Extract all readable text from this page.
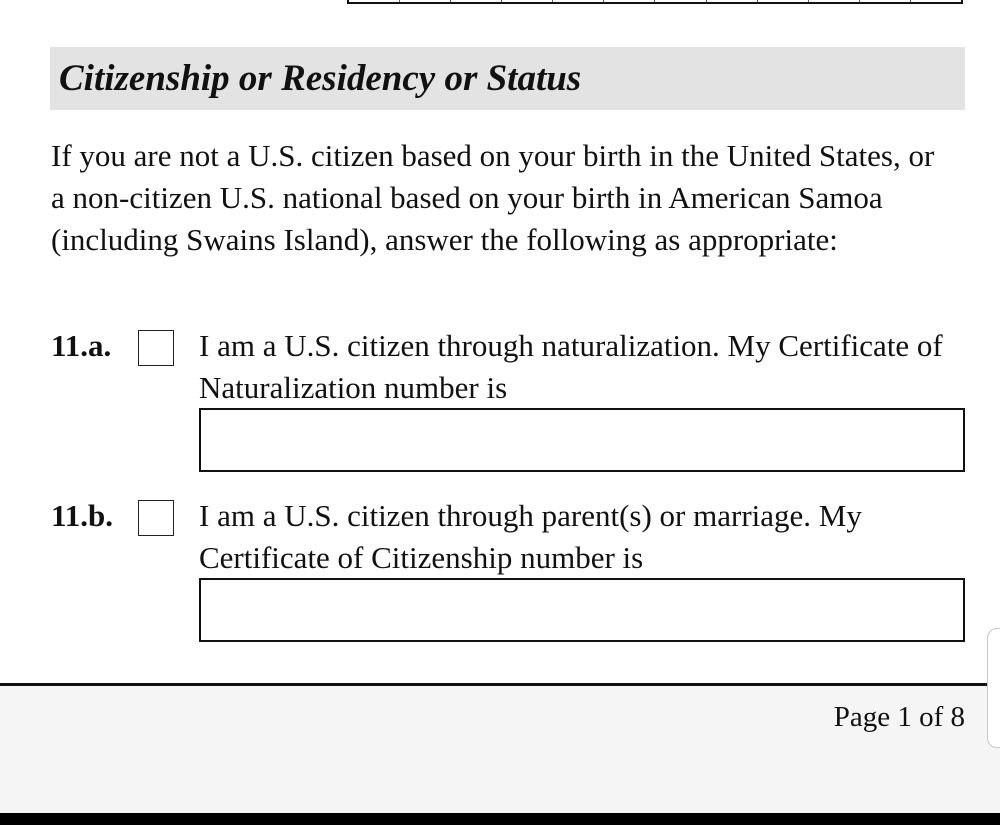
Citizenship or Residency or Status
If you are not a U.S. citizen based on your birth in the United States, or a non-citizen U.S. national based on your birth in American Samoa (including Swains Island), answer the following as appropriate:
11.a.	I am a U.S. citizen through naturalization. My Certificate of Naturalization number is
11.b.	I am a U.S. citizen through parent(s) or marriage. My Certificate of Citizenship number is
Page 1 of 8
